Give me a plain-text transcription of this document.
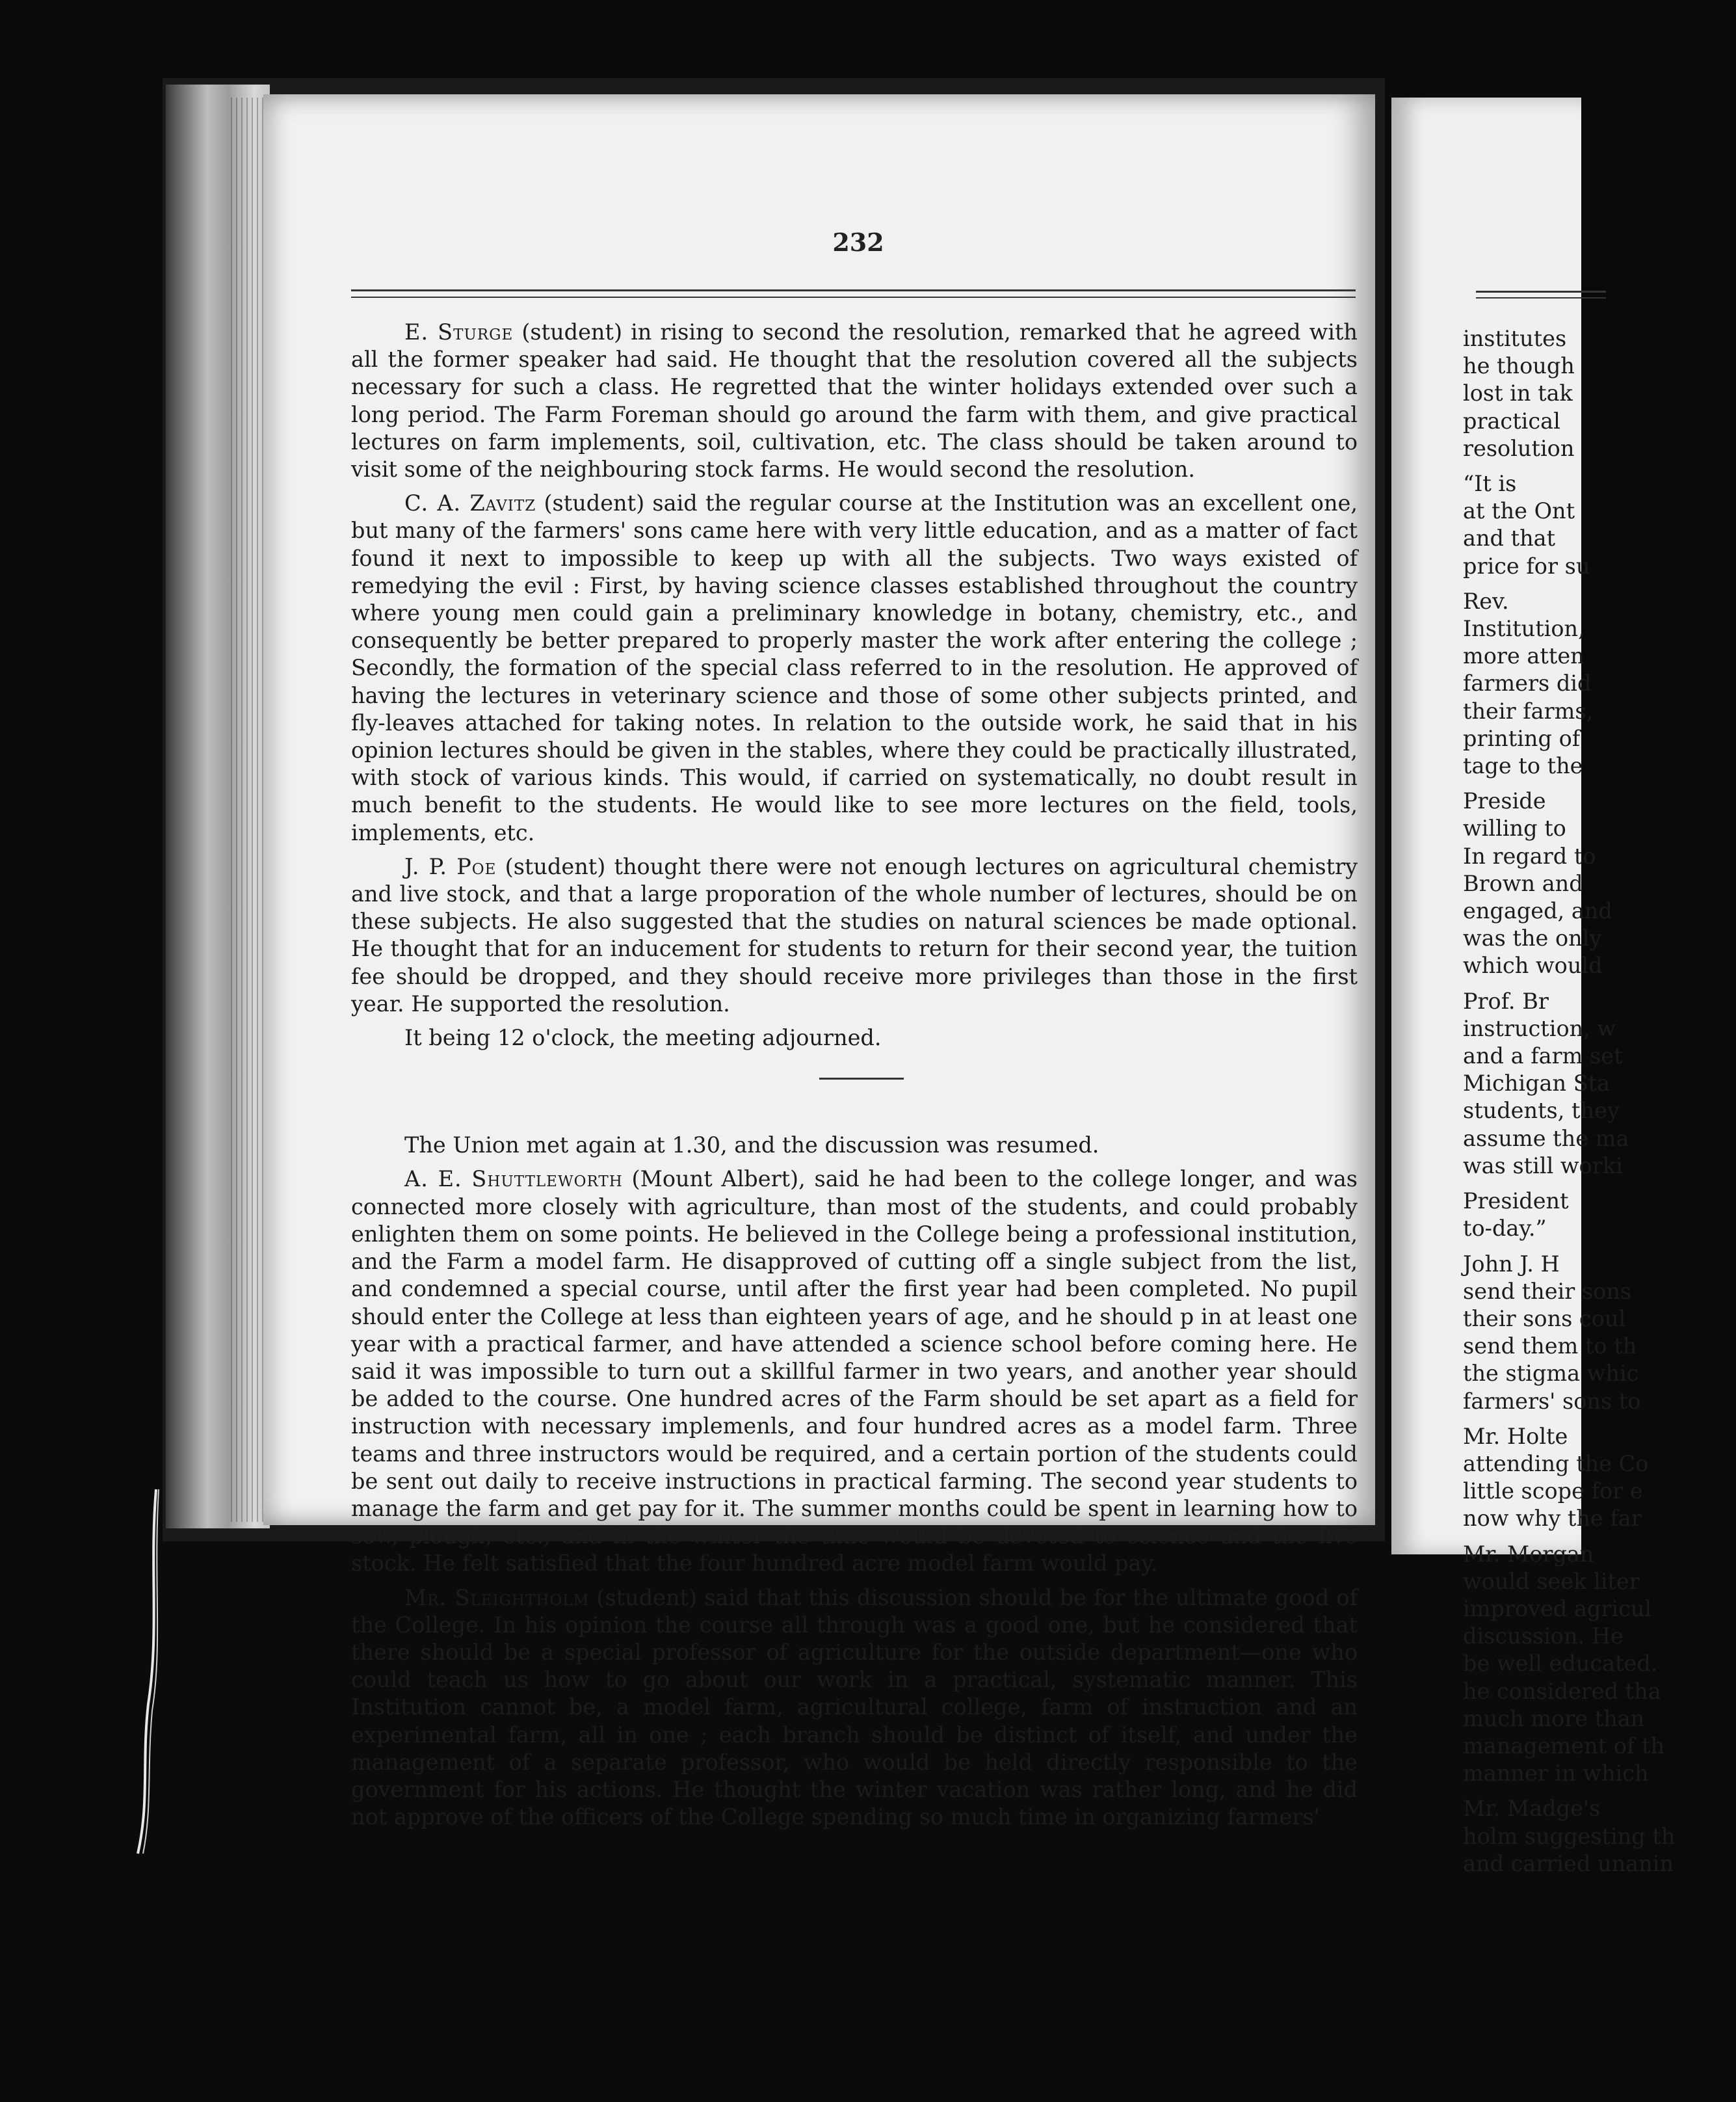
232

E. Sturge (student) in rising to second the resolution, remarked that he agreed with all the former speaker had said. He thought that the resolution covered all the subjects necessary for such a class. He regretted that the winter holidays extended over such a long period. The Farm Foreman should go around the farm with them, and give practical lectures on farm implements, soil, cultivation, etc. The class should be taken around to visit some of the neighbouring stock farms. He would second the resolution.

C. A. Zavitz (student) said the regular course at the Institution was an excellent one, but many of the farmers' sons came here with very little education, and as a matter of fact found it next to impossible to keep up with all the subjects. Two ways existed of remedying the evil : First, by having science classes established throughout the country where young men could gain a preliminary knowledge in botany, chemistry, etc., and consequently be better prepared to properly master the work after entering the college ; Secondly, the formation of the special class referred to in the resolution. He approved of having the lectures in veterinary science and those of some other subjects printed, and fly-leaves attached for taking notes. In relation to the outside work, he said that in his opinion lectures should be given in the stables, where they could be practically illustrated, with stock of various kinds. This would, if carried on systematically, no doubt result in much benefit to the students. He would like to see more lectures on the field, tools, implements, etc.

J. P. Poe (student) thought there were not enough lectures on agricultural chemistry and live stock, and that a large proporation of the whole number of lectures, should be on these subjects. He also suggested that the studies on natural sciences be made optional. He thought that for an inducement for students to return for their second year, the tuition fee should be dropped, and they should receive more privileges than those in the first year. He supported the resolution.

It being 12 o'clock, the meeting adjourned.

The Union met again at 1.30, and the discussion was resumed.

A. E. Shuttleworth (Mount Albert), said he had been to the college longer, and was connected more closely with agriculture, than most of the students, and could probably enlighten them on some points. He believed in the College being a professional institution, and the Farm a model farm. He disapproved of cutting off a single subject from the list, and condemned a special course, until after the first year had been completed. No pupil should enter the College at less than eighteen years of age, and he should p in at least one year with a practical farmer, and have attended a science school before coming here. He said it was impossible to turn out a skillful farmer in two years, and another year should be added to the course. One hundred acres of the Farm should be set apart as a field for instruction with necessary implemenls, and four hundred acres as a model farm. Three teams and three instructors would be required, and a certain portion of the students could be sent out daily to receive instructions in practical farming. The second year students to manage the farm and get pay for it. The summer months could be spent in learning how to sow, plough, etc., and in the winter the time would be devoted to science and the live stock. He felt satisfied that the four hundred acre model farm would pay.

Mr. Sleightholm (student) said that this discussion should be for the ultimate good of the College. In his opinion the course all through was a good one, but he considered that there should be a special professor of agriculture for the outside department—one who could teach us how to go about our work in a practical, systematic manner. This Institution cannot be, a model farm, agricultural college, farm of instruction and an experimental farm, all in one ; each branch should be distinct of itself, and under the management of a separate professor, who would be held directly responsible to the government for his actions. He thought the winter vacation was rather long, and he did not approve of the officers of the College spending so much time in organizing farmers'

institutes
he though
lost in tak
practical
resolution
“It is
at the Ont
and that
price for su
Rev.
Institution,
more atten
farmers did
their farms,
printing of
tage to the
Preside
willing to
In regard to
Brown and
engaged, and
was the only
which would
Prof. Br
instruction, w
and a farm set
Michigan Sta
students, they
assume the ma
was still worki
President
to-day.”
John J. H
send their sons
their sons coul
send them to th
the stigma whic
farmers' sons to
Mr. Holte
attending the Co
little scope for e
now why the far
Mr. Morgan
would seek liter
improved agricul
discussion. He
be well educated.
he considered tha
much more than
management of th
manner in which
Mr. Madge's
holm suggesting th
and carried unanin
